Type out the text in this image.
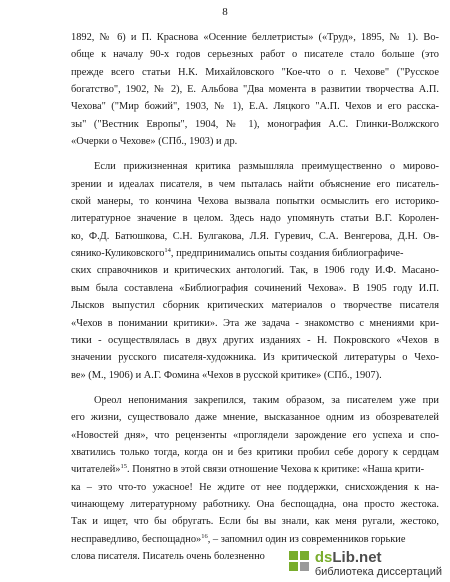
8
1892, № 6) и П. Краснова «Осенние беллетристы» («Труд», 1895, № 1). Во-
обще к началу 90-х годов серьезных работ о писателе стало больше (это
прежде всего статьи Н.К. Михайловского "Кое-что о г. Чехове" ("Русское
богатство", 1902, № 2), Е. Альбова "Два момента в развитии творчества А.П.
Чехова" ("Мир божий", 1903, № 1), Е.А. Ляцкого "А.П. Чехов и его расска-
зы" ("Вестник Европы", 1904, № 1), монография А.С. Глинки-Волжского
«Очерки о Чехове» (СПб., 1903) и др.
Если прижизненная критика размышляла преимущественно о мирово-
зрении и идеалах писателя, в чем пыталась найти объяснение его писатель-
ской манеры, то кончина Чехова вызвала попытки осмыслить его историко-
литературное значение в целом. Здесь надо упомянуть статьи В.Г. Королен-
ко, Ф.Д. Батюшкова, С.Н. Булгакова, Л.Я. Гуревич, С.А. Венгерова, Д.Н. Ов-
сянико-Куликовского$^{14}$, предпринимались опыты создания библиографиче-
ских справочников и критических антологий. Так, в 1906 году И.Ф. Масано-
вым была составлена «Библиография сочинений Чехова». В 1905 году И.П.
Лысков выпустил сборник критических материалов о творчестве писателя
«Чехов в понимании критики». Эта же задача - знакомство с мнениями кри-
тики - осуществлялась в двух других изданиях - Н. Покровского «Чехов в
значении русского писателя-художника. Из критической литературы о Чехо-
ве» (М., 1906) и А.Г. Фомина «Чехов в русской критике» (СПб., 1907).
Ореол непонимания закрепился, таким образом, за писателем уже при
его жизни, существовало даже мнение, высказанное одним из обозревателей
«Новостей дня», что рецензенты «проглядели зарождение его успеха и спо-
хватились только тогда, когда он и без критики пробил себе дорогу к сердцам
читателей»$^{15}$. Понятно в этой связи отношение Чехова к критике: «Наша крити-
ка – это что-то ужасное! Не ждите от нее поддержки, снисхождения к на-
чинающему литературному работнику. Она беспощадна, она просто жестока.
Так и ищет, что бы обругать. Если бы вы знали, как меня ругали, жестоко,
несправедливо, беспощадно»$^{16}$, – запомнил один из современников горькие
слова писателя. Писатель очень болезненно	dsLib.net
библиотека диссертаций
